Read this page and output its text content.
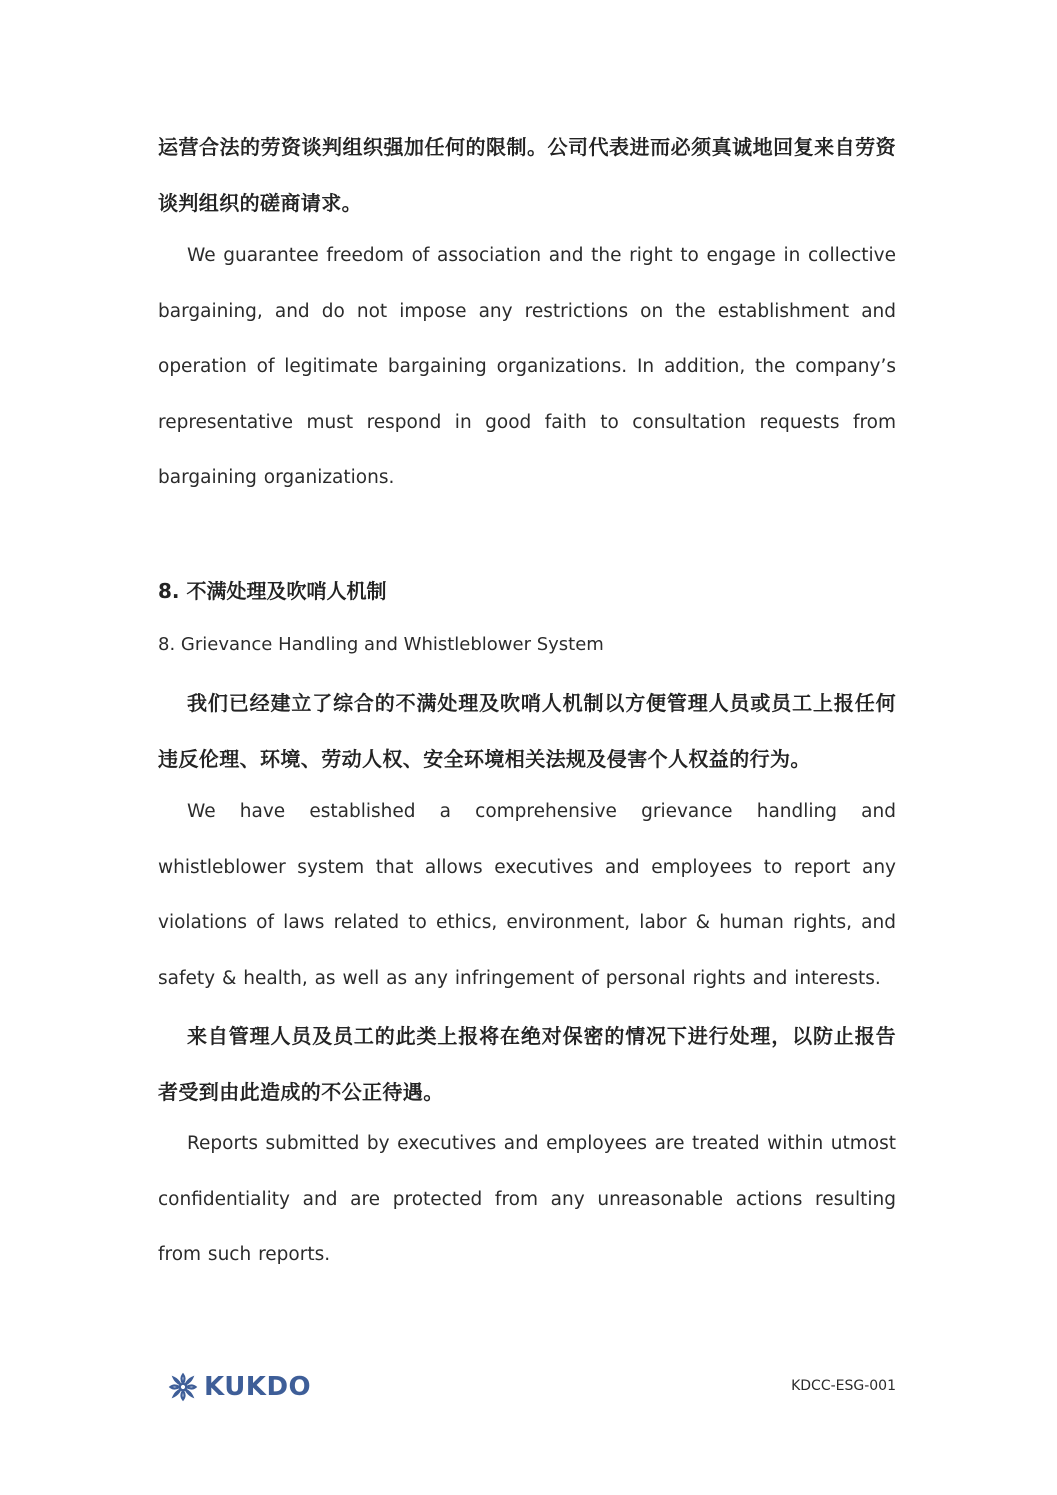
运营合法的劳资谈判组织强加任何的限制。公司代表进而必须真诚地回复来自劳资谈判组织的磋商请求。

We guarantee freedom of association and the right to engage in collective bargaining, and do not impose any restrictions on the establishment and operation of legitimate bargaining organizations. In addition, the company’s representative must respond in good faith to consultation requests from bargaining organizations.

8. 不满处理及吹哨人机制
8. Grievance Handling and Whistleblower System

我们已经建立了综合的不满处理及吹哨人机制以方便管理人员或员工上报任何违反伦理、环境、劳动人权、安全环境相关法规及侵害个人权益的行为。

We have established a comprehensive grievance handling and whistleblower system that allows executives and employees to report any violations of laws related to ethics, environment, labor & human rights, and safety & health, as well as any infringement of personal rights and interests.

来自管理人员及员工的此类上报将在绝对保密的情况下进行处理，以防止报告者受到由此造成的不公正待遇。

Reports submitted by executives and employees are treated within utmost confidentiality and are protected from any unreasonable actions resulting from such reports.

KUKDO	KDCC-ESG-001
